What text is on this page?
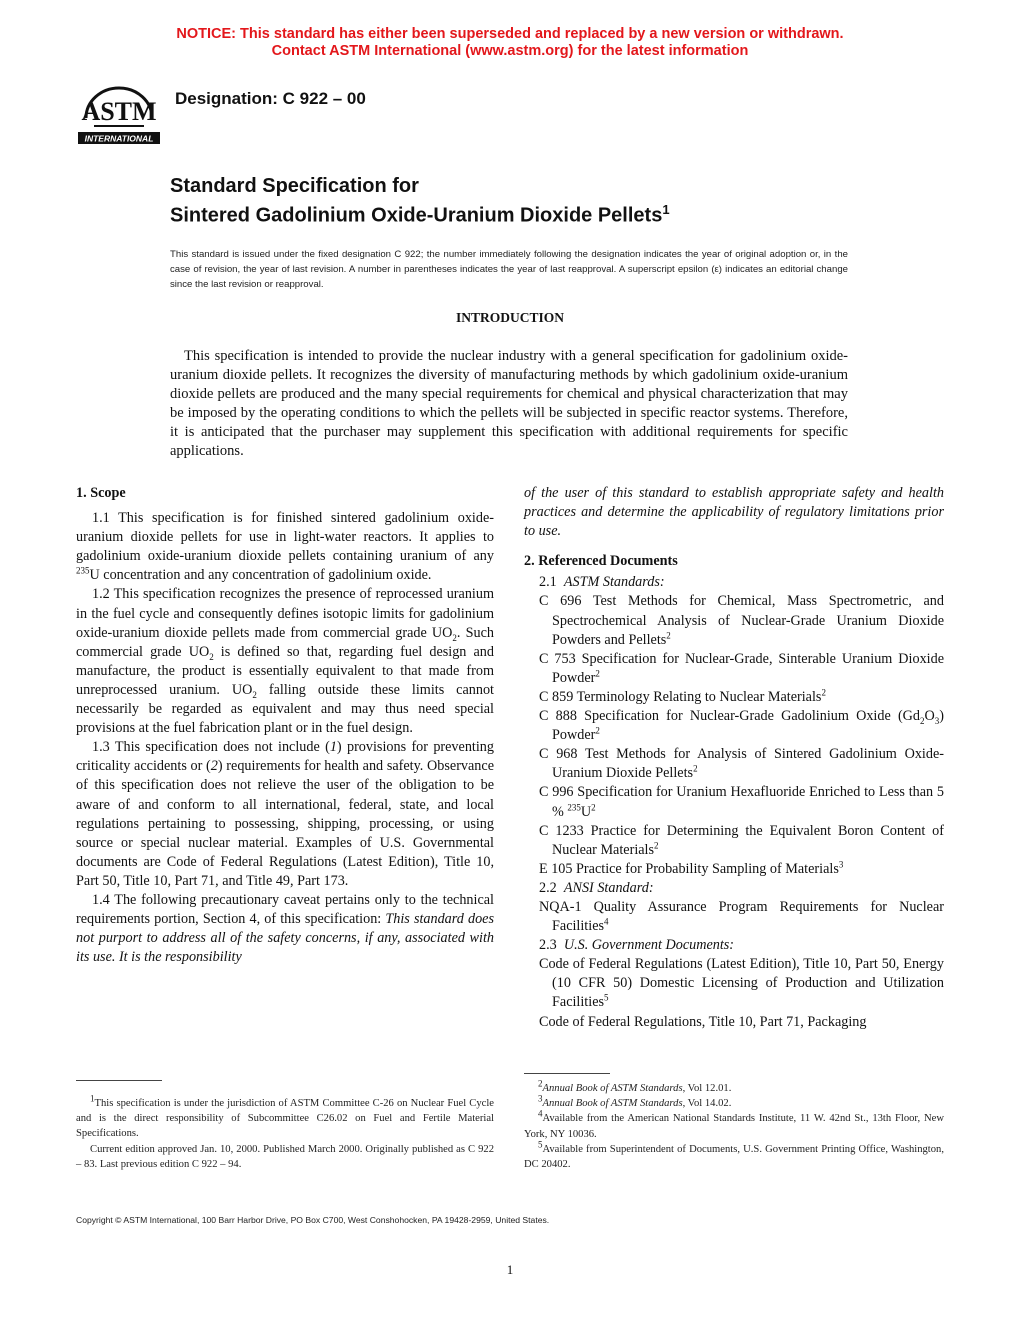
NOTICE: This standard has either been superseded and replaced by a new version or withdrawn.
Contact ASTM International (www.astm.org) for the latest information
ASTM
INTERNATIONAL
Designation: C 922 – 00
Standard Specification for
Sintered Gadolinium Oxide-Uranium Dioxide Pellets$^1$
This standard is issued under the fixed designation C 922; the number immediately following the designation indicates the year of original adoption or, in the case of revision, the year of last revision. A number in parentheses indicates the year of last reapproval. A superscript epsilon (ε) indicates an editorial change since the last revision or reapproval.
INTRODUCTION
This specification is intended to provide the nuclear industry with a general specification for gadolinium oxide-uranium dioxide pellets. It recognizes the diversity of manufacturing methods by which gadolinium oxide-uranium dioxide pellets are produced and the many special requirements for chemical and physical characterization that may be imposed by the operating conditions to which the pellets will be subjected in specific reactor systems. Therefore, it is anticipated that the purchaser may supplement this specification with additional requirements for specific applications.
1. Scope

1.1 This specification is for finished sintered gadolinium oxide-uranium dioxide pellets for use in light-water reactors. It applies to gadolinium oxide-uranium dioxide pellets containing uranium of any $^{235}$U concentration and any concentration of gadolinium oxide.

1.2 This specification recognizes the presence of reprocessed uranium in the fuel cycle and consequently defines isotopic limits for gadolinium oxide-uranium dioxide pellets made from commercial grade $UO_2$. Such commercial grade $UO_2$ is defined so that, regarding fuel design and manufacture, the product is essentially equivalent to that made from unreprocessed uranium. $UO_2$ falling outside these limits cannot necessarily be regarded as equivalent and may thus need special provisions at the fuel fabrication plant or in the fuel design.

1.3 This specification does not include (1) provisions for preventing criticality accidents or (2) requirements for health and safety. Observance of this specification does not relieve the user of the obligation to be aware of and conform to all international, federal, state, and local regulations pertaining to possessing, shipping, processing, or using source or special nuclear material. Examples of U.S. Governmental documents are Code of Federal Regulations (Latest Edition), Title 10, Part 50, Title 10, Part 71, and Title 49, Part 173.

1.4 The following precautionary caveat pertains only to the technical requirements portion, Section 4, of this specification: This standard does not purport to address all of the safety concerns, if any, associated with its use. It is the responsibility

of the user of this standard to establish appropriate safety and health practices and determine the applicability of regulatory limitations prior to use.

2. Referenced Documents

2.1 ASTM Standards:

C 696 Test Methods for Chemical, Mass Spectrometric, and Spectrochemical Analysis of Nuclear-Grade Uranium Dioxide Powders and Pellets$^2$

C 753 Specification for Nuclear-Grade, Sinterable Uranium Dioxide Powder$^2$

C 859 Terminology Relating to Nuclear Materials$^2$

C 888 Specification for Nuclear-Grade Gadolinium Oxide $(Gd_2O_3)$ Powder$^2$

C 968 Test Methods for Analysis of Sintered Gadolinium Oxide-Uranium Dioxide Pellets$^2$

C 996 Specification for Uranium Hexafluoride Enriched to Less than 5 % $^{235}U^2$

C 1233 Practice for Determining the Equivalent Boron Content of Nuclear Materials$^2$

E 105 Practice for Probability Sampling of Materials$^3$

2.2 ANSI Standard:

NQA-1 Quality Assurance Program Requirements for Nuclear Facilities$^4$

2.3 U.S. Government Documents:

Code of Federal Regulations (Latest Edition), Title 10, Part 50, Energy (10 CFR 50) Domestic Licensing of Production and Utilization Facilities$^5$

Code of Federal Regulations, Title 10, Part 71, Packaging

$^1$This specification is under the jurisdiction of ASTM Committee C-26 on Nuclear Fuel Cycle and is the direct responsibility of Subcommittee C26.02 on Fuel and Fertile Material Specifications.

Current edition approved Jan. 10, 2000. Published March 2000. Originally published as C 922 – 83. Last previous edition C 922 – 94.

$^2$Annual Book of ASTM Standards, Vol 12.01.

$^3$Annual Book of ASTM Standards, Vol 14.02.

$^4$Available from the American National Standards Institute, 11 W. 42nd St., 13th Floor, New York, NY 10036.

$^5$Available from Superintendent of Documents, U.S. Government Printing Office, Washington, DC 20402.

Copyright © ASTM International, 100 Barr Harbor Drive, PO Box C700, West Conshohocken, PA 19428-2959, United States.
1
